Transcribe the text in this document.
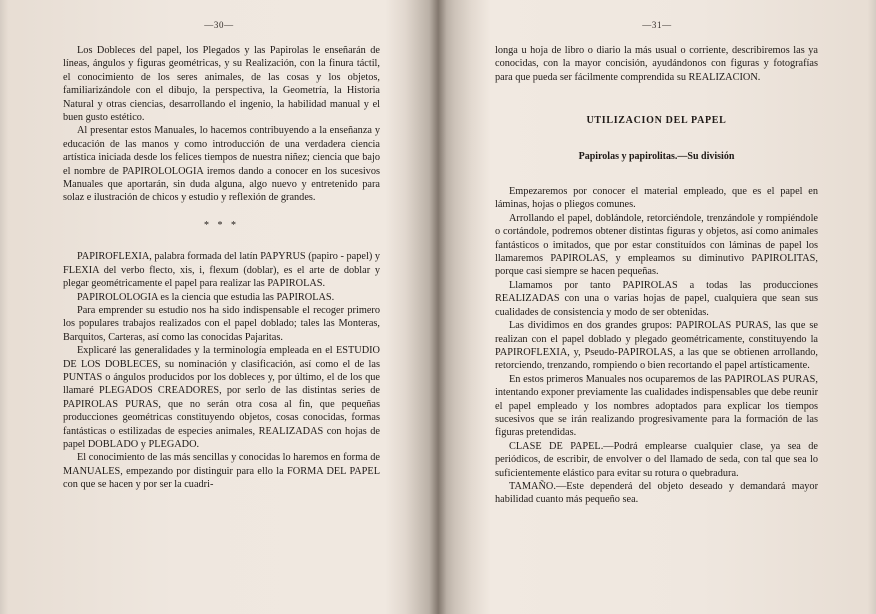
—30—

Los Dobleces del papel, los Plegados y las Papirolas le enseñarán de líneas, ángulos y figuras geométricas, y su Realización, con la finura táctil, el conocimiento de los seres animales, de las cosas y los objetos, familiarizándole con el dibujo, la perspectiva, la Geometría, la Historia Natural y otras ciencias, desarrollando el ingenio, la habilidad manual y el buen gusto estético.

Al presentar estos Manuales, lo hacemos contribuyendo a la enseñanza y educación de las manos y como introducción de una verdadera ciencia artística iniciada desde los felices tiempos de nuestra niñez; ciencia que bajo el nombre de PAPIROLOLOGIA iremos dando a conocer en los sucesivos Manuales que aportarán, sin duda alguna, algo nuevo y entretenido para solaz e ilustración de chicos y estudio y reflexión de grandes.

* * *

PAPIROFLEXIA, palabra formada del latín PAPYRUS (papiro - papel) y FLEXIA del verbo flecto, xis, i, flexum (doblar), es el arte de doblar y plegar geométricamente el papel para realizar las PAPIROLAS.

PAPIROLOLOGIA es la ciencia que estudia las PAPIROLAS.

Para emprender su estudio nos ha sido indispensable el recoger primero los populares trabajos realizados con el papel doblado; tales las Monteras, Barquitos, Carteras, así como las conocidas Pajaritas.

Explicaré las generalidades y la terminología empleada en el ESTUDIO DE LOS DOBLECES, su nominación y clasificación, así como el de las PUNTAS o ángulos producidos por los dobleces y, por último, el de los que llamaré PLEGADOS CREADORES, por serlo de las distintas series de PAPIROLAS PURAS, que no serán otra cosa al fin, que pequeñas producciones geométricas constituyendo objetos, cosas conocidas, formas fantásticas o estilizadas de especies animales, REALIZADAS con hojas de papel DOBLADO y PLEGADO.

El conocimiento de las más sencillas y conocidas lo haremos en forma de MANUALES, empezando por distinguir para ello la FORMA DEL PAPEL con que se hacen y por ser la cuadri-

—31—

longa u hoja de libro o diario la más usual o corriente, describiremos las ya conocidas, con la mayor concisión, ayudándonos con figuras y fotografías para que pueda ser fácilmente comprendida su REALIZACION.

UTILIZACION DEL PAPEL
Papirolas y papirolitas.—Su división

Empezaremos por conocer el material empleado, que es el papel en láminas, hojas o pliegos comunes.

Arrollando el papel, doblándole, retorciéndole, trenzándole y rompiéndole o cortándole, podremos obtener distintas figuras y objetos, así como animales fantásticos o imitados, que por estar constituídos con láminas de papel los llamaremos PAPIROLAS, y empleamos su diminutivo PAPIROLITAS, porque casi siempre se hacen pequeñas.

Llamamos por tanto PAPIROLAS a todas las producciones REALIZADAS con una o varias hojas de papel, cualquiera que sean sus cualidades de consistencia y modo de ser obtenidas.

Las dividimos en dos grandes grupos: PAPIROLAS PURAS, las que se realizan con el papel doblado y plegado geométricamente, constituyendo la PAPIROFLEXIA, y, Pseudo-PAPIROLAS, a las que se obtienen arrollando, retorciendo, trenzando, rompiendo o bien recortando el papel artísticamente.

En estos primeros Manuales nos ocuparemos de las PAPIROLAS PURAS, intentando exponer previamente las cualidades indispensables que debe reunir el papel empleado y los nombres adoptados para explicar los tiempos sucesivos que se irán realizando progresivamente para la formación de las figuras pretendidas.

CLASE DE PAPEL.—Podrá emplearse cualquier clase, ya sea de periódicos, de escribir, de envolver o del llamado de seda, con tal que sea lo suficientemente elástico para evitar su rotura o quebradura.

TAMAÑO.—Este dependerá del objeto deseado y demandará mayor habilidad cuanto más pequeño sea.
